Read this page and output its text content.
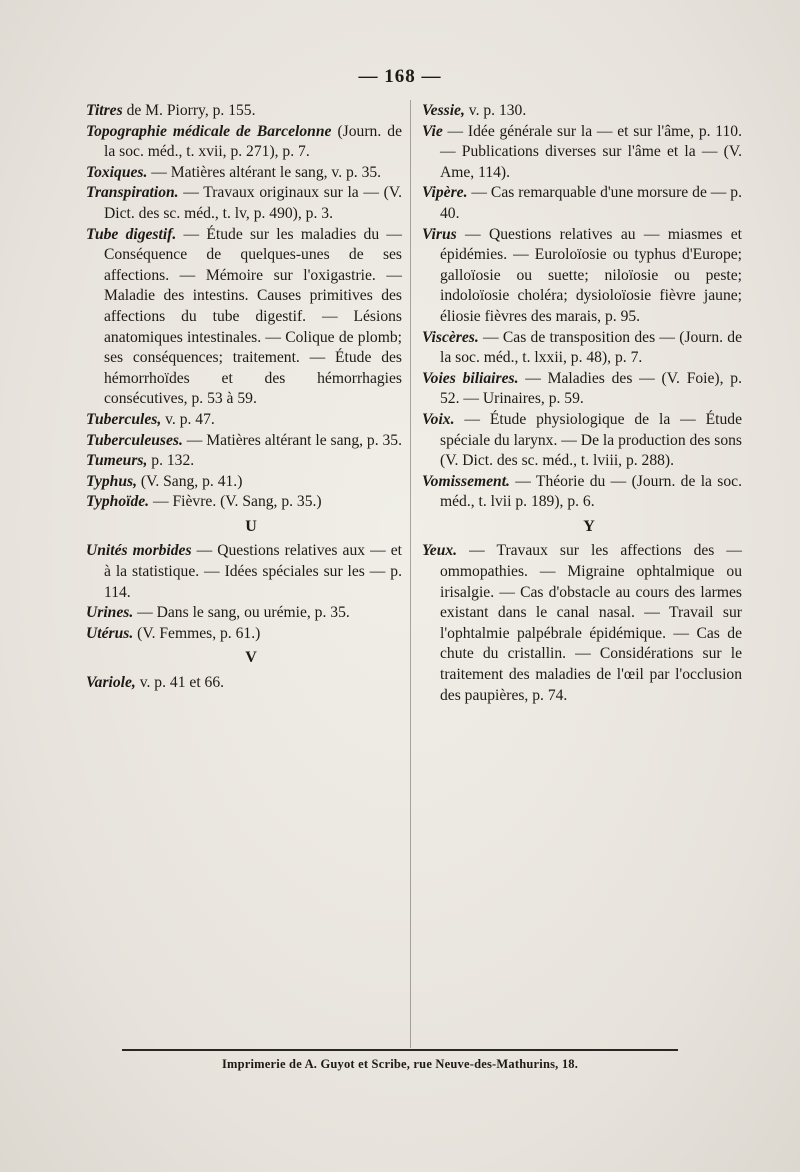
— 168 —

Titres de M. Piorry, p. 155.

Topographie médicale de Barcelonne (Journ. de la soc. méd., t. xvii, p. 271), p. 7.

Toxiques. — Matières altérant le sang, v. p. 35.

Transpiration. — Travaux originaux sur la — (V. Dict. des sc. méd., t. lv, p. 490), p. 3.

Tube digestif. — Étude sur les maladies du — Conséquence de quelques-unes de ses affections. — Mémoire sur l'oxigastrie. — Maladie des intestins. Causes primitives des affections du tube digestif. — Lésions anatomiques intestinales. — Colique de plomb; ses conséquences; traitement. — Étude des hémorrhoïdes et des hémorrhagies consécutives, p. 53 à 59.

Tubercules, v. p. 47.

Tuberculeuses. — Matières altérant le sang, p. 35.

Tumeurs, p. 132.

Typhus, (V. Sang, p. 41.)

Typhoïde. — Fièvre. (V. Sang, p. 35.)

U

Unités morbides — Questions relatives aux — et à la statistique. — Idées spéciales sur les — p. 114.

Urines. — Dans le sang, ou urémie, p. 35.

Utérus. (V. Femmes, p. 61.)

V

Variole, v. p. 41 et 66.

Vessie, v. p. 130.

Vie — Idée générale sur la — et sur l'âme, p. 110. — Publications diverses sur l'âme et la — (V. Ame, 114).

Vipère. — Cas remarquable d'une morsure de — p. 40.

Virus — Questions relatives au — miasmes et épidémies. — Euroloïosie ou typhus d'Europe; galloïosie ou suette; niloïosie ou peste; indoloïosie choléra; dysioloïosie fièvre jaune; éliosie fièvres des marais, p. 95.

Viscères. — Cas de transposition des — (Journ. de la soc. méd., t. lxxii, p. 48), p. 7.

Voies biliaires. — Maladies des — (V. Foie), p. 52. — Urinaires, p. 59.

Voix. — Étude physiologique de la — Étude spéciale du larynx. — De la production des sons (V. Dict. des sc. méd., t. lviii, p. 288).

Vomissement. — Théorie du — (Journ. de la soc. méd., t. lvii p. 189), p. 6.

Y

Yeux. — Travaux sur les affections des — ommopathies. — Migraine ophtalmique ou irisalgie. — Cas d'obstacle au cours des larmes existant dans le canal nasal. — Travail sur l'ophtalmie palpébrale épidémique. — Cas de chute du cristallin. — Considérations sur le traitement des maladies de l'œil par l'occlusion des paupières, p. 74.

Imprimerie de A. Guyot et Scribe, rue Neuve-des-Mathurins, 18.
